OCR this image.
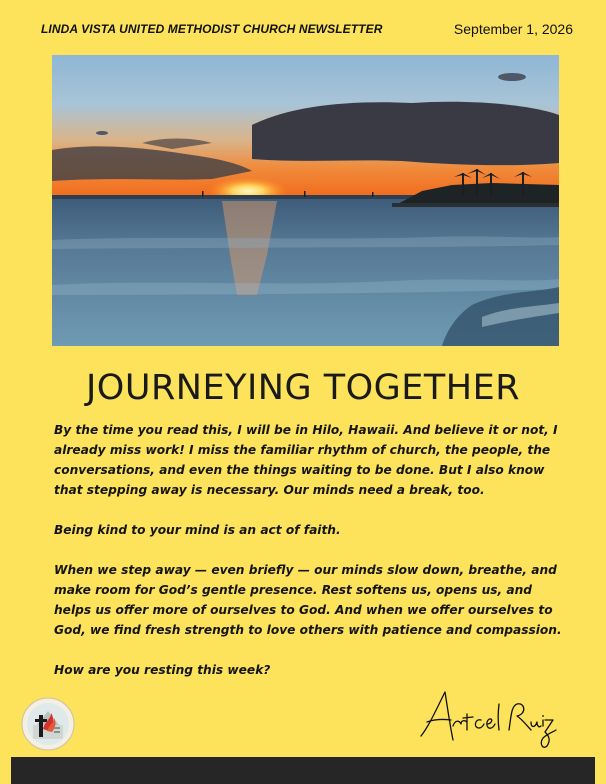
LINDA VISTA UNITED METHODIST CHURCH NEWSLETTER	September 1, 2026
JOURNEYING TOGETHER

By the time you read this, I will be in Hilo, Hawaii. And believe it or not, I already miss work! I miss the familiar rhythm of church, the people, the conversations, and even the things waiting to be done. But I also know that stepping away is necessary. Our minds need a break, too.

Being kind to your mind is an act of faith.

When we step away — even briefly — our minds slow down, breathe, and make room for God’s gentle presence. Rest softens us, opens us, and helps us offer more of ourselves to God. And when we offer ourselves to God, we find fresh strength to love others with patience and compassion.

How are you resting this week?
